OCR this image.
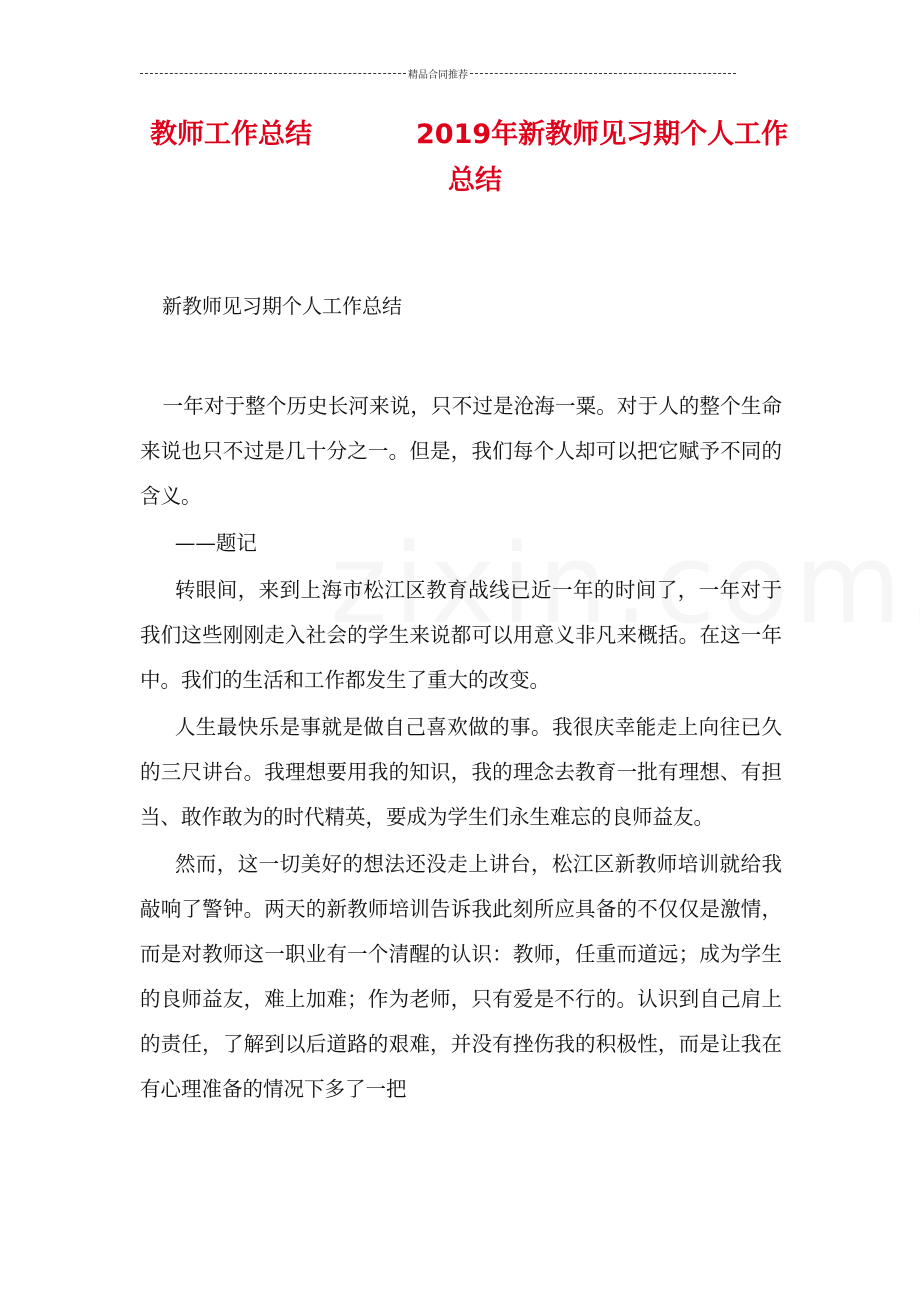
精品合同推荐
教师工作总结	2019年新教师见习期个人工作
总结
新教师见习期个人工作总结

一年对于整个历史长河来说，只不过是沧海一粟。对于人的整个生命来说也只不过是几十分之一。但是，我们每个人却可以把它赋予不同的含义。

——题记

转眼间，来到上海市松江区教育战线已近一年的时间了，一年对于我们这些刚刚走入社会的学生来说都可以用意义非凡来概括。在这一年中。我们的生活和工作都发生了重大的改变。

人生最快乐是事就是做自己喜欢做的事。我很庆幸能走上向往已久的三尺讲台。我理想要用我的知识，我的理念去教育一批有理想、有担当、敢作敢为的时代精英，要成为学生们永生难忘的良师益友。

然而，这一切美好的想法还没走上讲台，松江区新教师培训就给我敲响了警钟。两天的新教师培训告诉我此刻所应具备的不仅仅是激情，而是对教师这一职业有一个清醒的认识：教师，任重而道远；成为学生的良师益友，难上加难；作为老师，只有爱是不行的。认识到自己肩上的责任，了解到以后道路的艰难，并没有挫伤我的积极性，而是让我在有心理准备的情况下多了一把
